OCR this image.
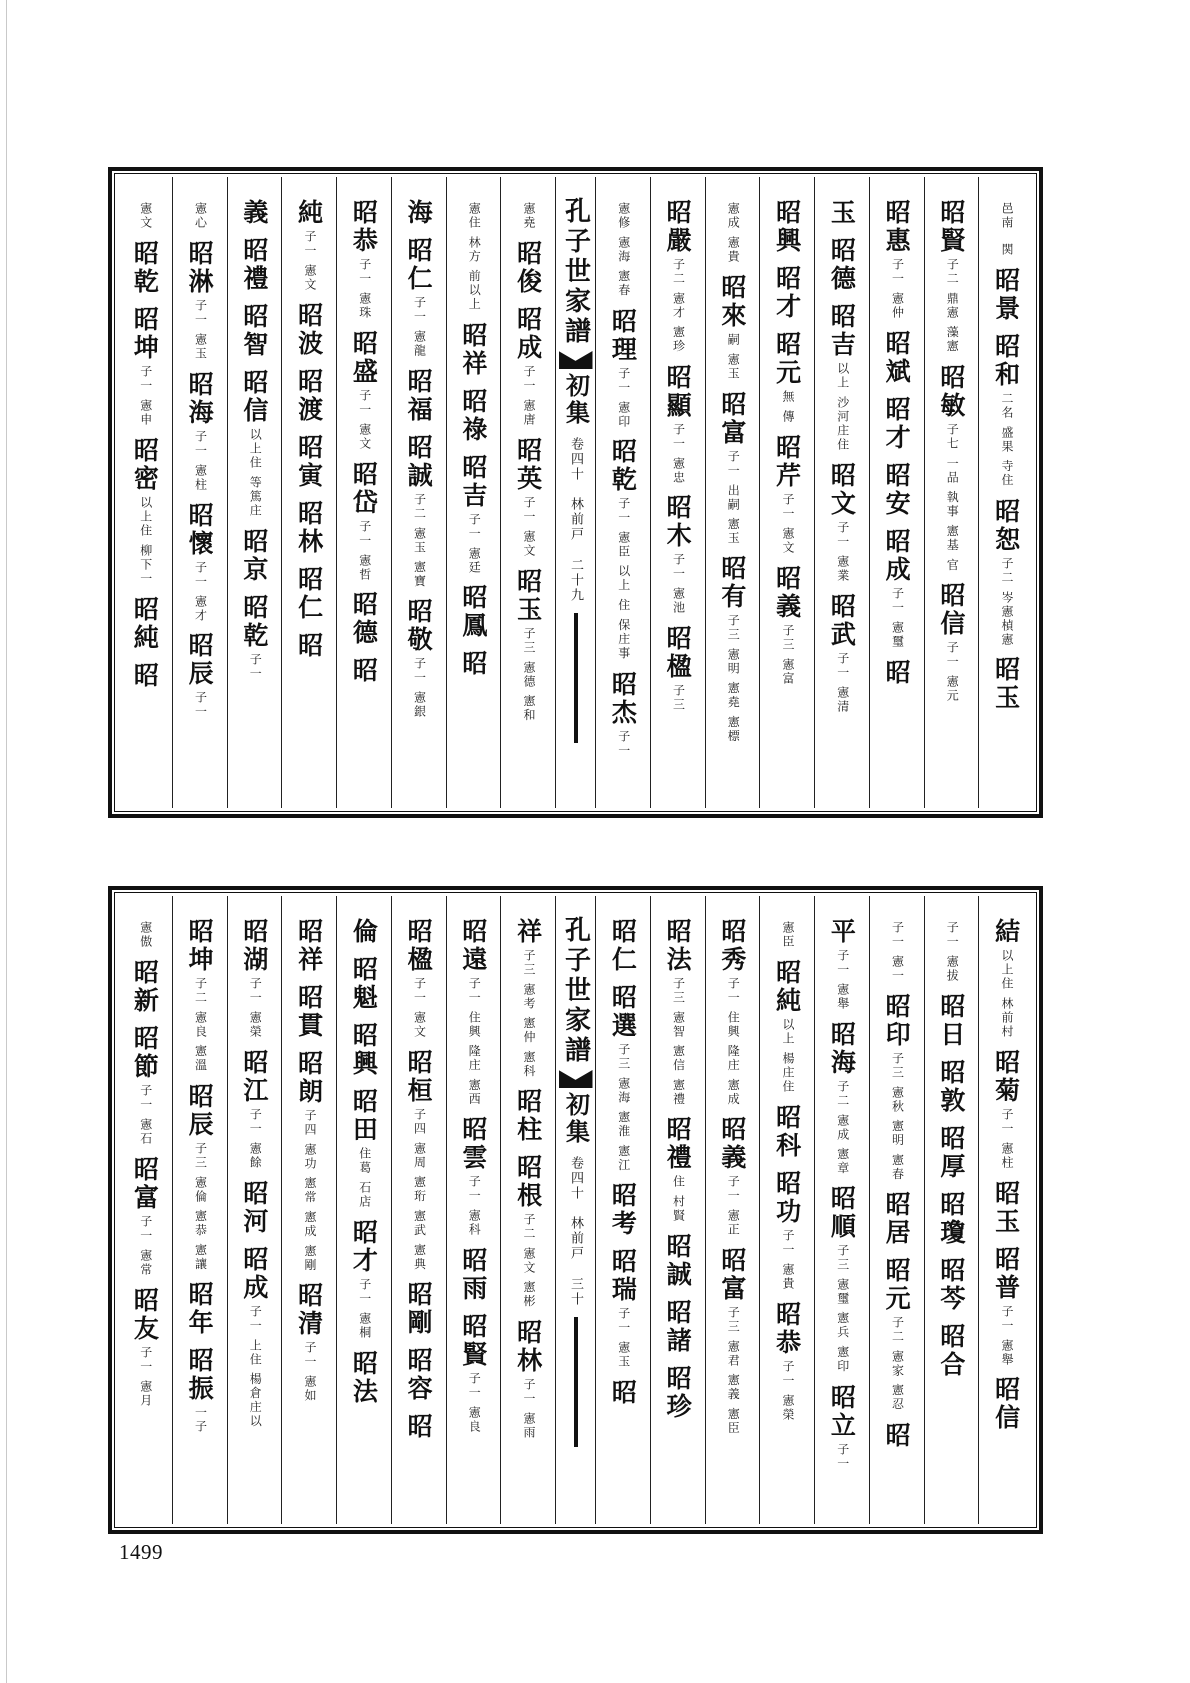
邑南
関
昭景
昭和
二名 盛果 寺住
昭恕
子二 岑憲楨憲
昭玉
昭賢
子二 鼎憲 藻憲
昭敏
子七 一品 執事 憲基 官
昭信
子一 憲元
昭惠
子一 憲仲
昭斌
昭才
昭安
昭成
子一 憲璽
昭
玉
昭德
昭吉
以上 沙河庄住
昭文
子一 憲業
昭武
子一 憲清
昭興
昭才
昭元
無 傳
昭芹
子一 憲文
昭義
子三 憲富
憲成 憲貴
昭來
嗣 憲玉
昭富
子一 出嗣 憲玉
昭有
子三 憲明 憲堯 憲標
昭嚴
子二 憲才 憲珍
昭顯
子一 憲忠
昭木
子一 憲池
昭楹
子三
憲修 憲海 憲春
昭理
子一 憲印
昭乾
子一 憲臣 以上 住 保庄事
昭杰
子一
孔子世家譜
初集
卷四十　林前戸
二十九
憲堯
昭俊
昭成
子一 憲唐
昭英
子一 憲文
昭玉
子三 憲德 憲和
憲住 林方 前以上
昭祥
昭祿
昭吉
子一 憲廷
昭鳳
昭
海
昭仁
子一 憲龍
昭福
昭誠
子二 憲玉 憲寶
昭敬
子一 憲銀
昭恭
子一 憲珠
昭盛
子一 憲文
昭岱
子一 憲哲
昭德
昭
純
子一 憲文
昭波
昭渡
昭寅
昭林
昭仁
昭
義
昭禮
昭智
昭信
以上住 等篤庄
昭京
昭乾
子一
憲心
昭淋
子一 憲玉
昭海
子一 憲柱
昭懷
子一 憲才
昭辰
子一
憲文
昭乾
昭坤
子一 憲申
昭密
以上住 柳下一
昭純
昭
結
以上住 林前村
昭菊
子一 憲柱
昭玉
昭普
子一 憲舉
昭信
子一 憲拔
昭日
昭敦
昭厚
昭瓊
昭芩
昭合
子一 憲一
昭印
子三 憲秋 憲明 憲春
昭居
昭元
子二 憲家 憲忍
昭
平
子一 憲舉
昭海
子二 憲成 憲章
昭順
子三 憲璽 憲兵 憲印
昭立
子一
憲臣
昭純
以上 楊庄住
昭科
昭功
子一 憲貴
昭恭
子一 憲榮
昭秀
子一 住興 隆庄 憲成
昭義
子一 憲正
昭富
子三 憲君 憲義 憲臣
昭法
子三 憲智 憲信 憲禮
昭禮
住 村賢
昭誠
昭諸
昭珍
昭仁
昭選
子三 憲海 憲淮 憲江
昭考
昭瑞
子一 憲玉
昭
孔子世家譜
初集
卷四十　林前戸
三十
祥
子三 憲考 憲仲 憲科
昭柱
昭根
子二 憲文 憲彬
昭林
子一 憲雨
昭遠
子一 住興 隆庄 憲西
昭雲
子一 憲科
昭雨
昭賢
子一 憲良
昭楹
子一 憲文
昭桓
子四 憲周 憲珩 憲武 憲典
昭剛
昭容
昭
倫
昭魁
昭興
昭田
住葛 石店
昭才
子一 憲桐
昭法
昭祥
昭貫
昭朗
子四 憲功 憲常 憲成 憲剛
昭清
子一 憲如
昭湖
子一 憲榮
昭江
子一 憲餘
昭河
昭成
子一 上住 楊倉庄以
昭坤
子二 憲良 憲溫
昭辰
子三 憲倫 憲恭 憲讓
昭年
昭振
一子
憲傲
昭新
昭節
子一 憲石
昭富
子一 憲常
昭友
子一 憲月
1499
